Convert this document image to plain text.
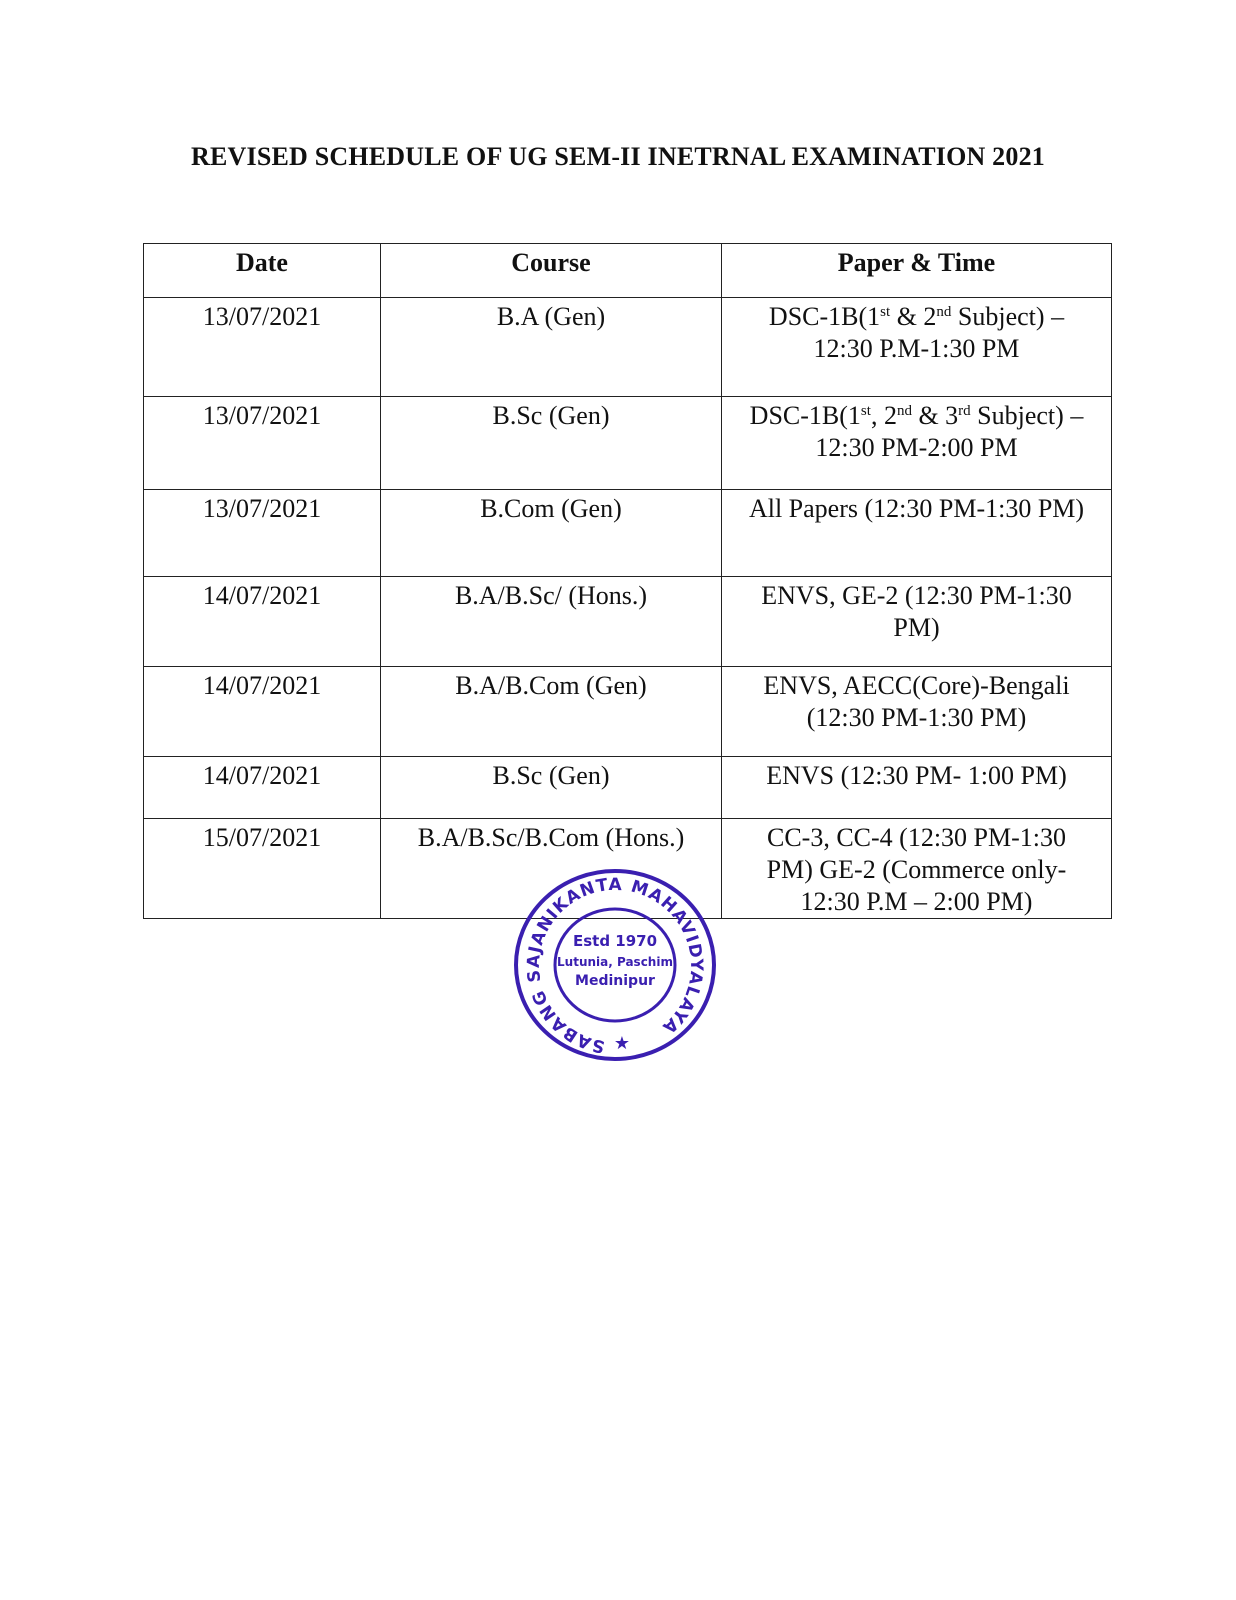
REVISED SCHEDULE OF UG SEM-II INETRNAL EXAMINATION 2021
Date	Course	Paper & Time
13/07/2021	B.A (Gen)	DSC-1B(1st & 2nd Subject) –
12:30 P.M-1:30 PM
13/07/2021	B.Sc (Gen)	DSC-1B(1st, 2nd & 3rd Subject) –
12:30 PM-2:00 PM
13/07/2021	B.Com (Gen)	All Papers (12:30 PM-1:30 PM)
14/07/2021	B.A/B.Sc/ (Hons.)	ENVS, GE-2 (12:30 PM-1:30
PM)
14/07/2021	B.A/B.Com (Gen)	ENVS, AECC(Core)-Bengali
(12:30 PM-1:30 PM)
14/07/2021	B.Sc (Gen)	ENVS (12:30 PM- 1:00 PM)
15/07/2021	B.A/B.Sc/B.Com (Hons.)	CC-3, CC-4 (12:30 PM-1:30
PM) GE-2 (Commerce only-
12:30 P.M – 2:00 PM)
SABANG SAJANIKANTA MAHAVIDYALAYA
Estd 1970
Lutunia, Paschim
Medinipur
★
